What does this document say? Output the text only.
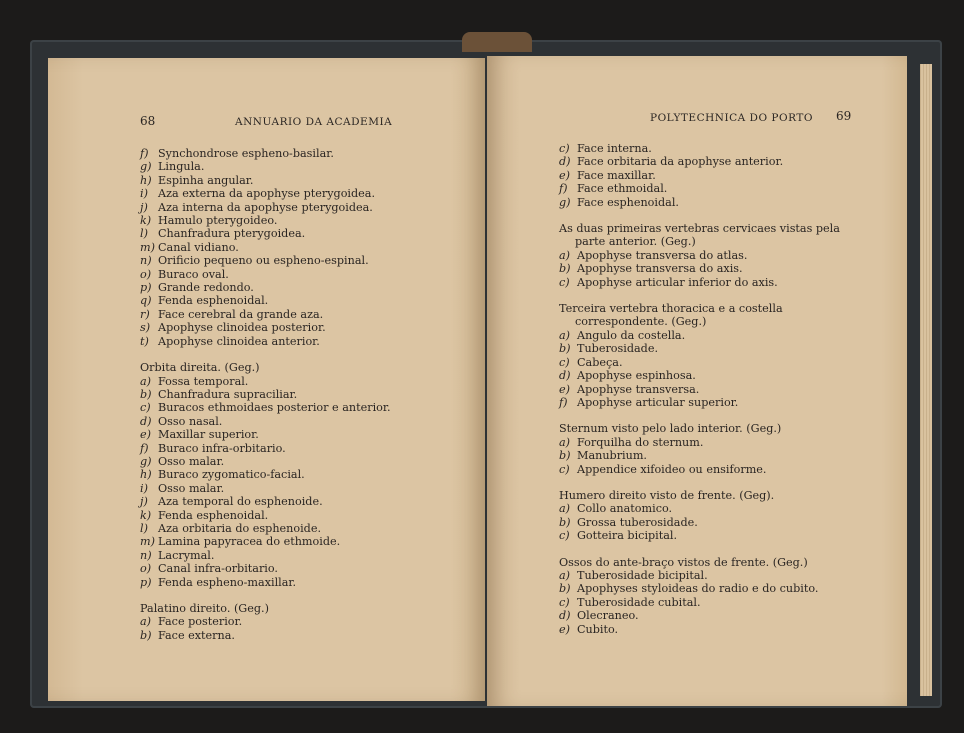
68	ANNUARIO DA ACADEMIA
f) Synchondrose espheno-basilar.
g) Lingula.
h) Espinha angular.
i) Aza externa da apophyse pterygoidea.
j) Aza interna da apophyse pterygoidea.
k) Hamulo pterygoideo.
l) Chanfradura pterygoidea.
m) Canal vidiano.
n) Orificio pequeno ou espheno-espinal.
o) Buraco oval.
p) Grande redondo.
q) Fenda esphenoidal.
r) Face cerebral da grande aza.
s) Apophyse clinoidea posterior.
t) Apophyse clinoidea anterior.
Orbita direita. (Geg.)
a) Fossa temporal.
b) Chanfradura supraciliar.
c) Buracos ethmoidaes posterior e anterior.
d) Osso nasal.
e) Maxillar superior.
f) Buraco infra-orbitario.
g) Osso malar.
h) Buraco zygomatico-facial.
i) Osso malar.
j) Aza temporal do esphenoide.
k) Fenda esphenoidal.
l) Aza orbitaria do esphenoide.
m) Lamina papyracea do ethmoide.
n) Lacrymal.
o) Canal infra-orbitario.
p) Fenda espheno-maxillar.
Palatino direito. (Geg.)
a) Face posterior.
b) Face externa.
POLYTECHNICA DO PORTO 69
c) Face interna.
d) Face orbitaria da apophyse anterior.
e) Face maxillar.
f) Face ethmoidal.
g) Face esphenoidal.
As duas primeiras vertebras cervicaes vistas pela parte anterior. (Geg.)
a) Apophyse transversa do atlas.
b) Apophyse transversa do axis.
c) Apophyse articular inferior do axis.
Terceira vertebra thoracica e a costella correspondente. (Geg.)
a) Angulo da costella.
b) Tuberosidade.
c) Cabeça.
d) Apophyse espinhosa.
e) Apophyse transversa.
f) Apophyse articular superior.
Sternum visto pelo lado interior. (Geg.)
a) Forquilha do sternum.
b) Manubrium.
c) Appendice xifoideo ou ensiforme.
Humero direito visto de frente. (Geg).
a) Collo anatomico.
b) Grossa tuberosidade.
c) Gotteira bicipital.
Ossos do ante-braço vistos de frente. (Geg.)
a) Tuberosidade bicipital.
b) Apophyses styloideas do radio e do cubito.
c) Tuberosidade cubital.
d) Olecraneo.
e) Cubito.
